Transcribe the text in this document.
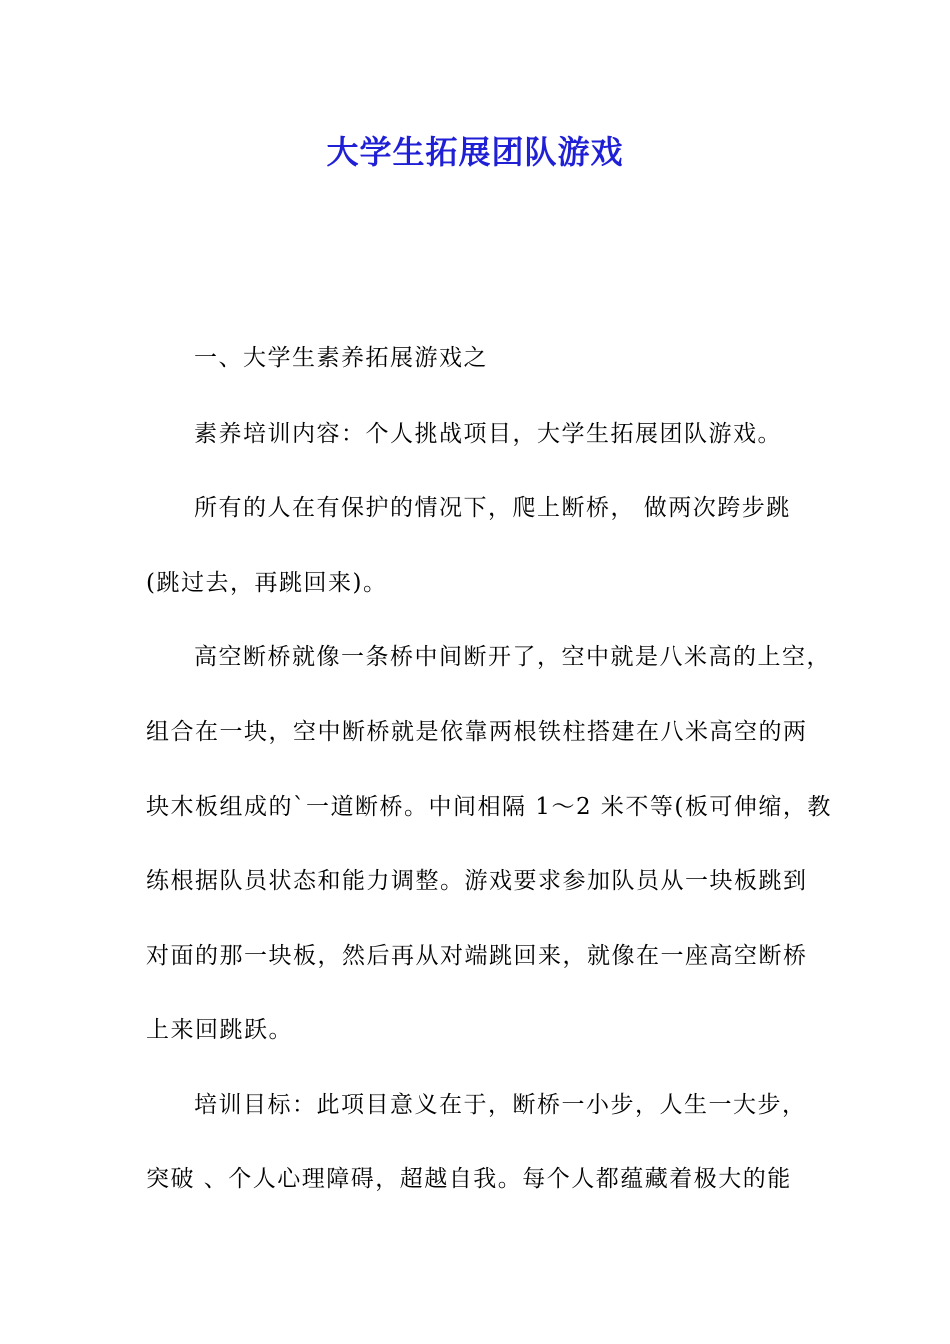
大学生拓展团队游戏
一、大学生素养拓展游戏之
素养培训内容：个人挑战项目，大学生拓展团队游戏。
所有的人在有保护的情况下，爬上断桥， 做两次跨步跳
(跳过去，再跳回来)。
高空断桥就像一条桥中间断开了，空中就是八米高的上空，
组合在一块，空中断桥就是依靠两根铁柱搭建在八米高空的两
块木板组成的`一道断桥。中间相隔 1～2 米不等(板可伸缩，教
练根据队员状态和能力调整。游戏要求参加队员从一块板跳到
对面的那一块板，然后再从对端跳回来，就像在一座高空断桥
上来回跳跃。
培训目标：此项目意义在于，断桥一小步，人生一大步，
突破 、个人心理障碍，超越自我。每个人都蕴藏着极大的能
